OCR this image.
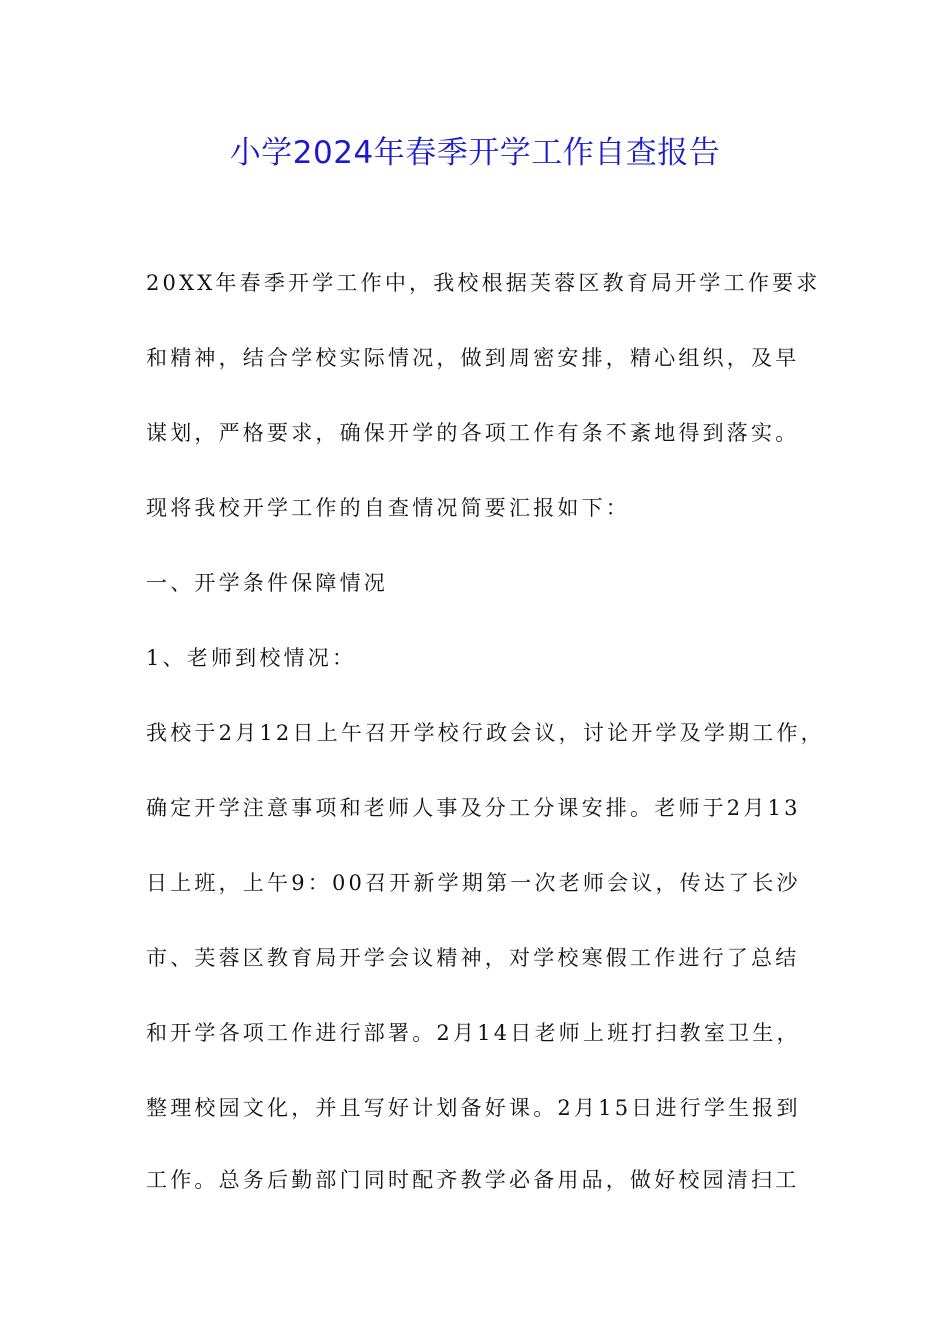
小学2024年春季开学工作自查报告
20XX年春季开学工作中，我校根据芙蓉区教育局开学工作要求
和精神，结合学校实际情况，做到周密安排，精心组织，及早
谋划，严格要求，确保开学的各项工作有条不紊地得到落实。
现将我校开学工作的自查情况简要汇报如下：
一、开学条件保障情况
1、老师到校情况：
我校于2月12日上午召开学校行政会议，讨论开学及学期工作，
确定开学注意事项和老师人事及分工分课安排。老师于2月13
日上班，上午9：00召开新学期第一次老师会议，传达了长沙
市、芙蓉区教育局开学会议精神，对学校寒假工作进行了总结
和开学各项工作进行部署。2月14日老师上班打扫教室卫生，
整理校园文化，并且写好计划备好课。2月15日进行学生报到
工作。总务后勤部门同时配齐教学必备用品，做好校园清扫工
